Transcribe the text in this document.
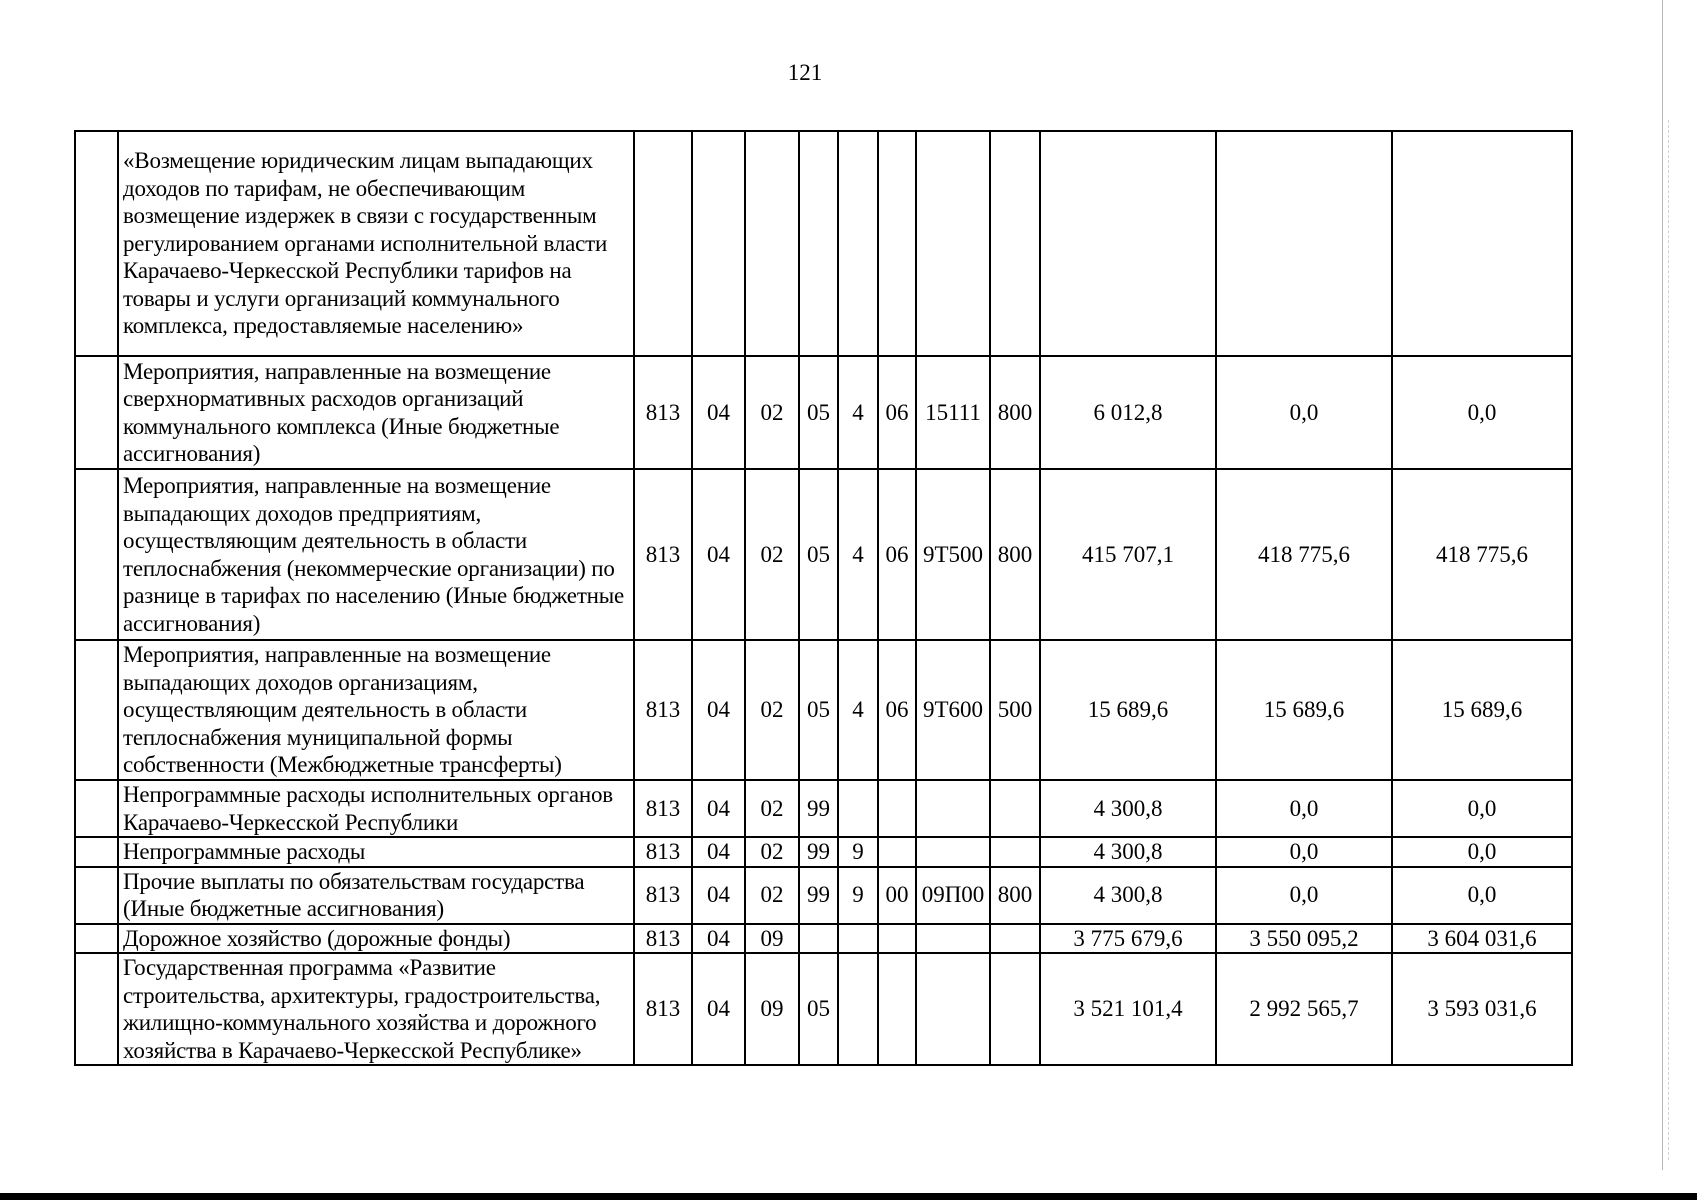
121
	«Возмещение юридическим лицам выпадающих доходов по тарифам, не обеспечивающим возмещение издержек в связи с государственным регулированием органами исполнительной власти Карачаево-Черкесской Республики тарифов на товары и услуги организаций коммунального комплекса, предоставляемые населению»											
	Мероприятия, направленные на возмещение сверхнормативных расходов организаций коммунального комплекса (Иные бюджетные ассигнования)	813	04	02	05	4	06	15111	800	6 012,8	0,0	0,0
	Мероприятия, направленные на возмещение выпадающих доходов предприятиям, осуществляющим деятельность в области теплоснабжения (некоммерческие организации) по разнице в тарифах по населению (Иные бюджетные ассигнования)	813	04	02	05	4	06	9Т500	800	415 707,1	418 775,6	418 775,6
	Мероприятия, направленные на возмещение выпадающих доходов организациям, осуществляющим деятельность в области теплоснабжения муниципальной формы собственности (Межбюджетные трансферты)	813	04	02	05	4	06	9Т600	500	15 689,6	15 689,6	15 689,6
	Непрограммные расходы исполнительных органов Карачаево-Черкесской Республики	813	04	02	99					4 300,8	0,0	0,0
	Непрограммные расходы	813	04	02	99	9				4 300,8	0,0	0,0
	Прочие выплаты по обязательствам государства (Иные бюджетные ассигнования)	813	04	02	99	9	00	09П00	800	4 300,8	0,0	0,0
	Дорожное хозяйство (дорожные фонды)	813	04	09						3 775 679,6	3 550 095,2	3 604 031,6
	Государственная программа «Развитие строительства, архитектуры, градостроительства, жилищно-коммунального хозяйства и дорожного хозяйства в Карачаево-Черкесской Республике»	813	04	09	05					3 521 101,4	2 992 565,7	3 593 031,6
